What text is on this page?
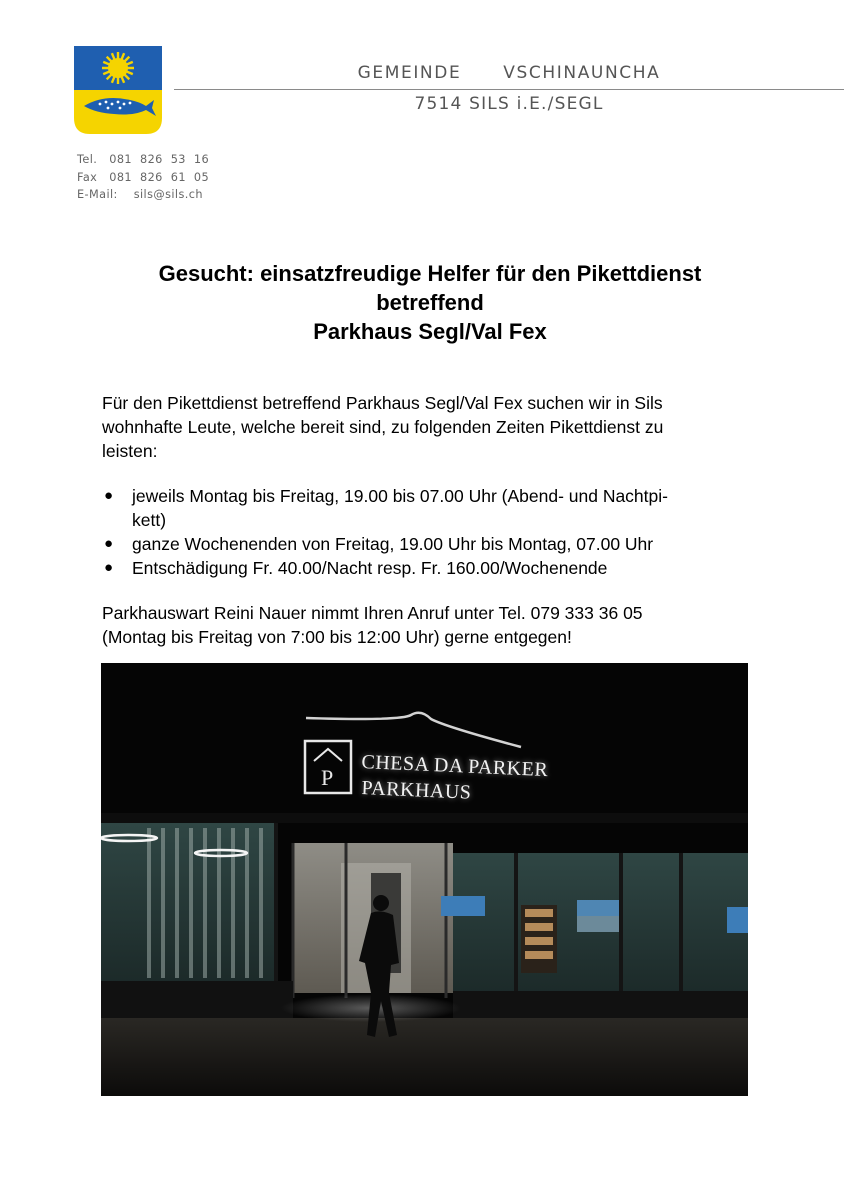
GEMEINDE      VSCHINAUNCHA
7514 SILS i.E./SEGL
Tel.   081  826  53  16
Fax   081  826  61  05
E-Mail:    sils@sils.ch
Gesucht: einsatzfreudige Helfer für den Pikettdienst
betreffend
Parkhaus Segl/Val Fex
Für den Pikettdienst betreffend Parkhaus Segl/Val Fex suchen wir in Sils
wohnhafte Leute, welche bereit sind, zu folgenden Zeiten Pikettdienst zu
leisten:
● jeweils Montag bis Freitag, 19.00 bis 07.00 Uhr (Abend- und Nachtpi-
kett)
● ganze Wochenenden von Freitag, 19.00 Uhr bis Montag, 07.00 Uhr
● Entschädigung Fr. 40.00/Nacht resp. Fr. 160.00/Wochenende
Parkhauswart Reini Nauer nimmt Ihren Anruf unter Tel. 079 333 36 05
(Montag bis Freitag von 7:00 bis 12:00 Uhr) gerne entgegen!
P CHESA DA PARKER
PARKHAUS
